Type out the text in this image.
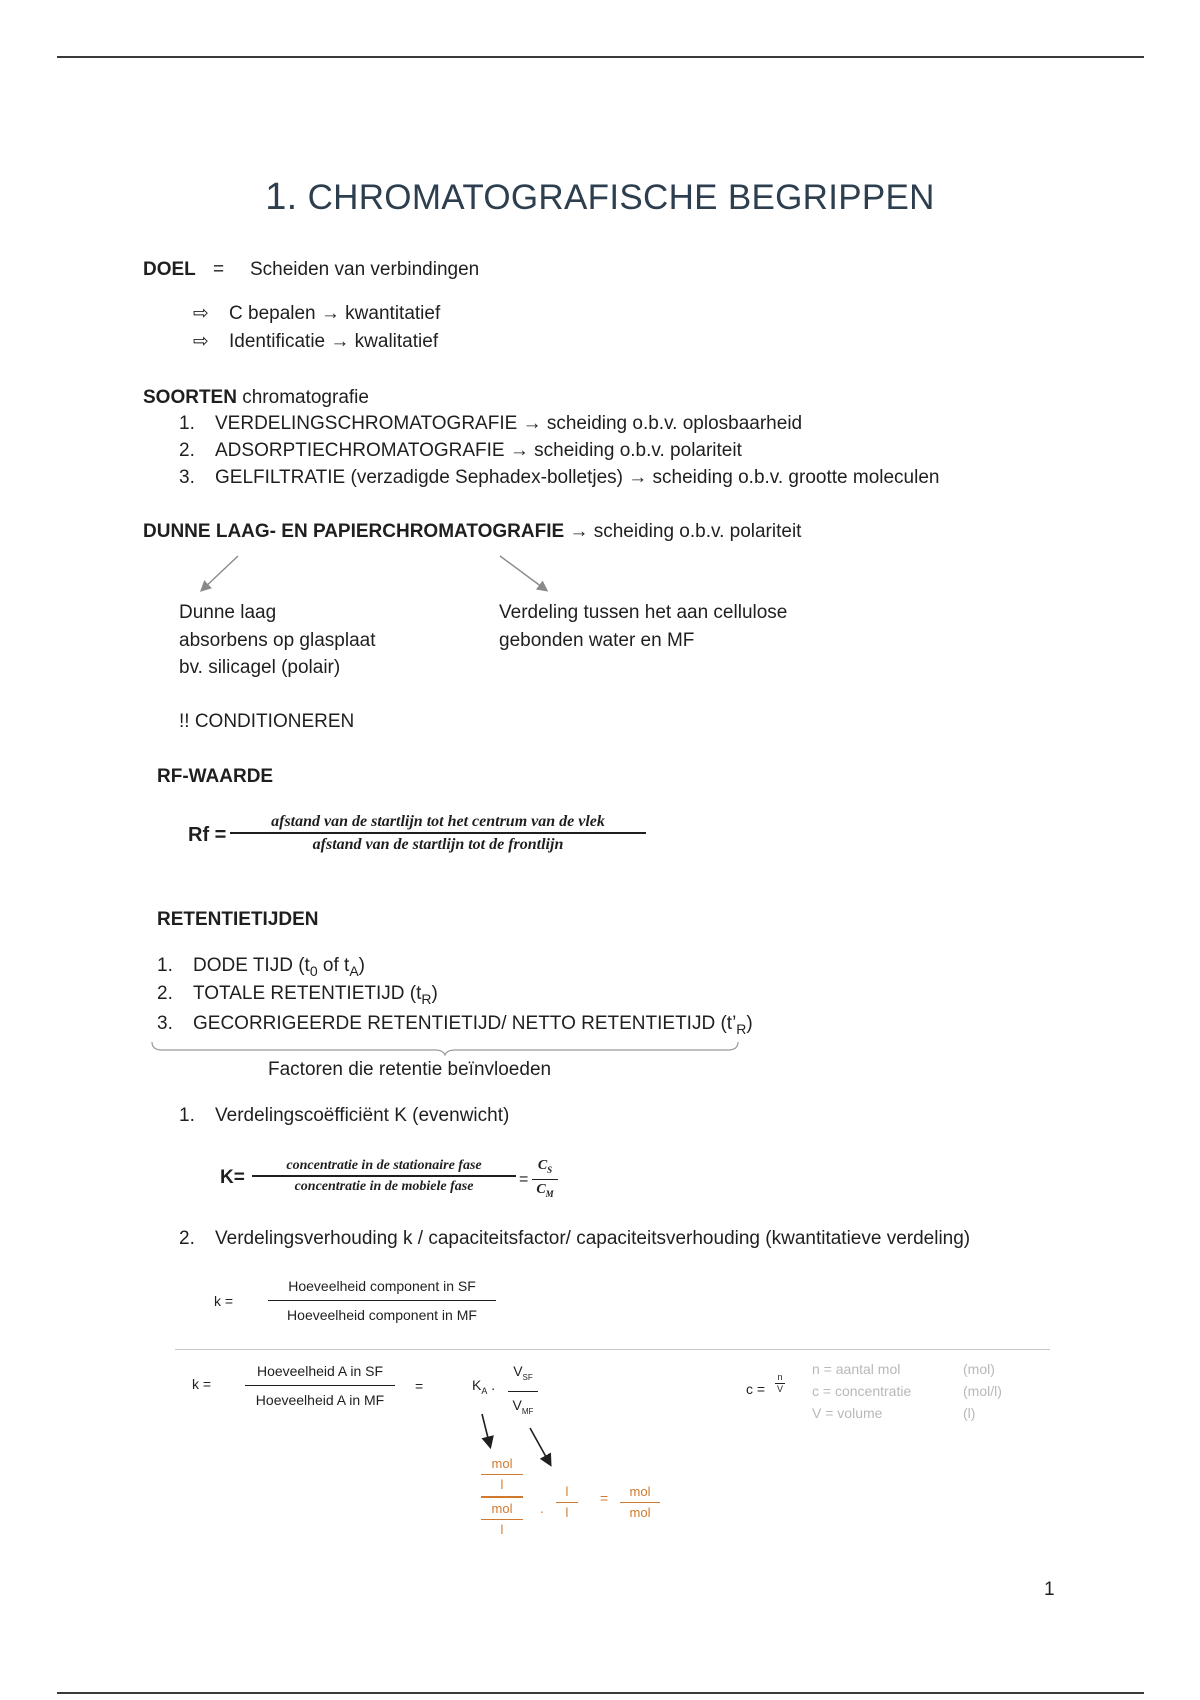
1. CHROMATOGRAFISCHE BEGRIPPEN
DOEL = Scheiden van verbindingen
⇨ C bepalen → kwantitatief
⇨ Identificatie → kwalitatief
SOORTEN chromatografie
1. VERDELINGSCHROMATOGRAFIE → scheiding o.b.v. oplosbaarheid
2. ADSORPTIECHROMATOGRAFIE → scheiding o.b.v. polariteit
3. GELFILTRATIE (verzadigde Sephadex-bolletjes) → scheiding o.b.v. grootte moleculen
DUNNE LAAG- EN PAPIERCHROMATOGRAFIE → scheiding o.b.v. polariteit
Dunne laag
absorbens op glasplaat
bv. silicagel (polair)
Verdeling tussen het aan cellulose
gebonden water en MF
!! CONDITIONEREN
RF-WAARDE
Rf =
afstand van de startlijn tot het centrum van de vlek
afstand van de startlijn tot de frontlijn
RETENTIETIJDEN
1. DODE TIJD ($t_0$ of $t_A$)
2. TOTALE RETENTIETIJD $(t_R)$
3. GECORRIGEERDE RETENTIETIJD/ NETTO RETENTIETIJD $(t’_R)$
Factoren die retentie beïnvloeden
1. Verdelingscoëfficiënt K (evenwicht)
K=
concentratie in de stationaire fase
concentratie in de mobiele fase	=
$C_S$
$C_M$
2. Verdelingsverhouding k / capaciteitsfactor/ capaciteitsverhouding (kwantitatieve verdeling)
k =
Hoeveelheid component in SF
Hoeveelheid component in MF
k =
Hoeveelheid A in SF
Hoeveelheid A in MF
=	$K_A$ .
$V_{SF}$
$V_{MF}$
mol
l
mol
l
.
l
l
=	mol
mol
c =
n
V
n = aantal mol	(mol)
c = concentratie	(mol/l)
V = volume	(l)
1
